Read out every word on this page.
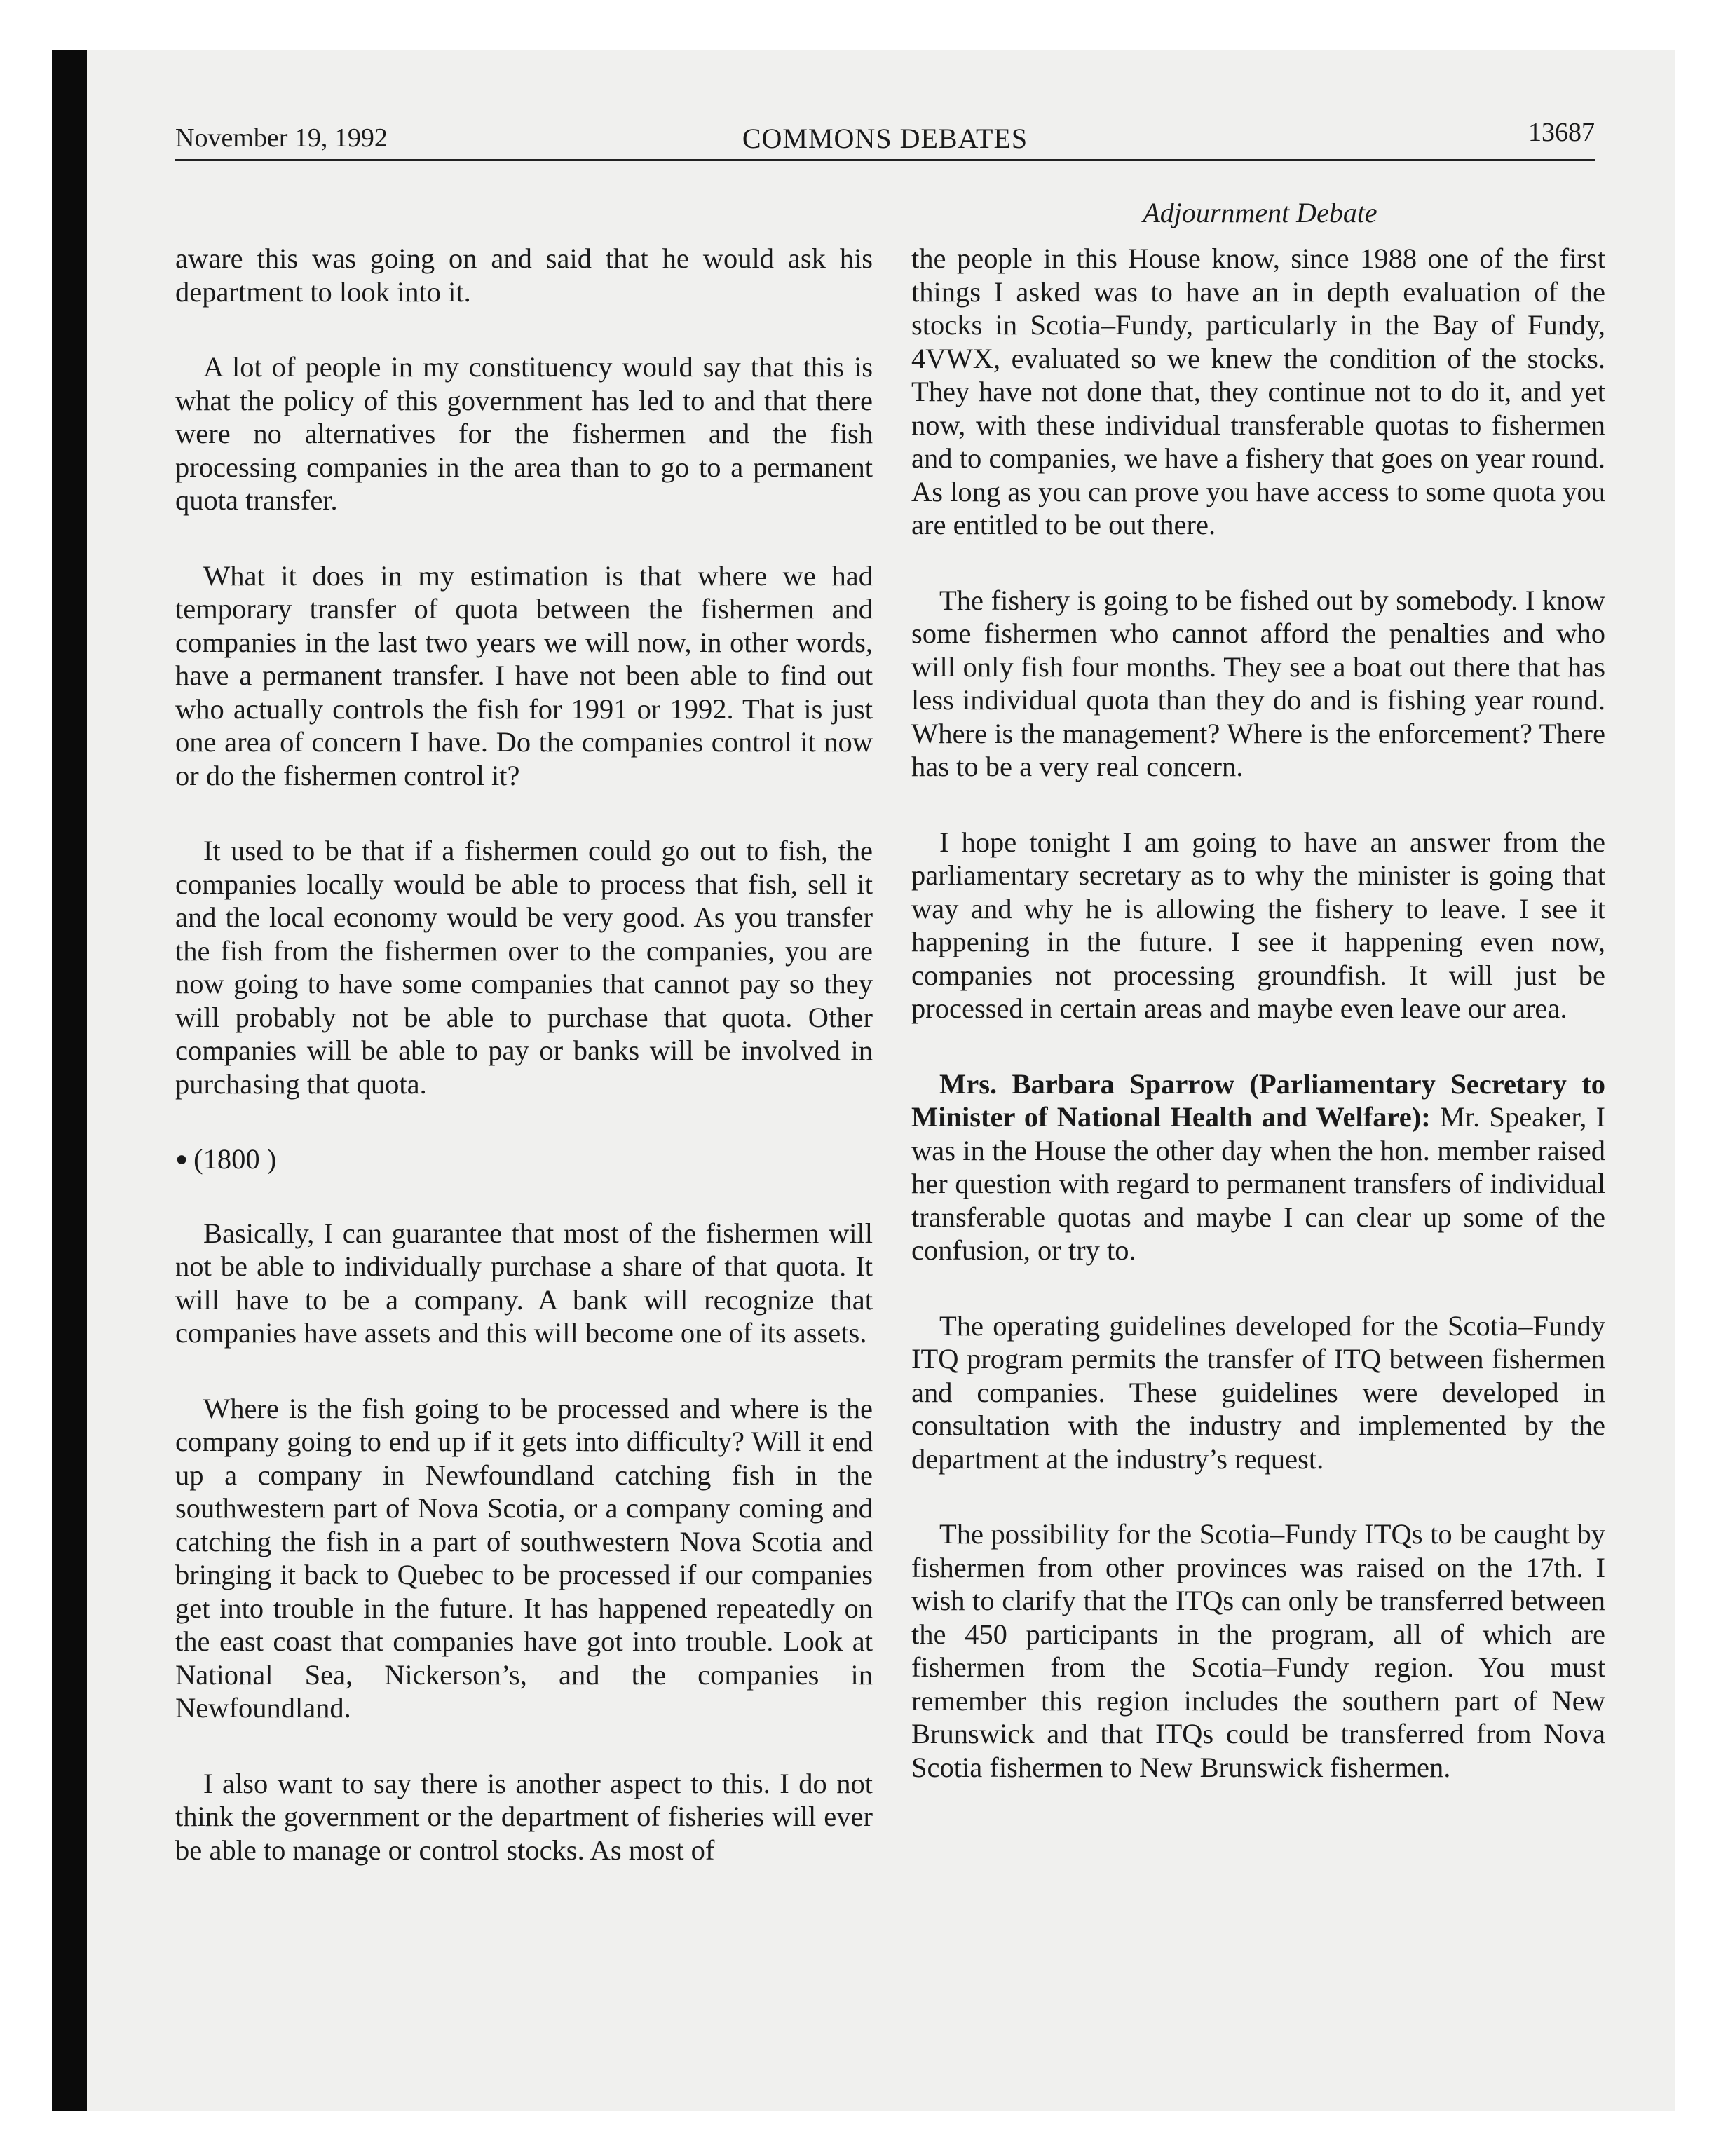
November 19, 1992	COMMONS DEBATES	13687
Adjournment Debate

aware this was going on and said that he would ask his department to look into it.

A lot of people in my constituency would say that this is what the policy of this government has led to and that there were no alternatives for the fishermen and the fish processing companies in the area than to go to a permanent quota transfer.

What it does in my estimation is that where we had temporary transfer of quota between the fishermen and companies in the last two years we will now, in other words, have a permanent transfer. I have not been able to find out who actually controls the fish for 1991 or 1992. That is just one area of concern I have. Do the companies control it now or do the fishermen control it?

It used to be that if a fishermen could go out to fish, the companies locally would be able to process that fish, sell it and the local economy would be very good. As you transfer the fish from the fishermen over to the companies, you are now going to have some companies that cannot pay so they will probably not be able to purchase that quota. Other companies will be able to pay or banks will be involved in purchasing that quota.

● (1800 )

Basically, I can guarantee that most of the fishermen will not be able to individually purchase a share of that quota. It will have to be a company. A bank will recognize that companies have assets and this will become one of its assets.

Where is the fish going to be processed and where is the company going to end up if it gets into difficulty? Will it end up a company in Newfoundland catching fish in the southwestern part of Nova Scotia, or a company coming and catching the fish in a part of southwestern Nova Scotia and bringing it back to Quebec to be processed if our companies get into trouble in the future. It has happened repeatedly on the east coast that companies have got into trouble. Look at National Sea, Nickerson’s, and the companies in Newfoundland.

I also want to say there is another aspect to this. I do not think the government or the department of fisheries will ever be able to manage or control stocks. As most of

the people in this House know, since 1988 one of the first things I asked was to have an in depth evaluation of the stocks in Scotia–Fundy, particularly in the Bay of Fundy, 4VWX, evaluated so we knew the condition of the stocks. They have not done that, they continue not to do it, and yet now, with these individual transferable quotas to fishermen and to companies, we have a fishery that goes on year round. As long as you can prove you have access to some quota you are entitled to be out there.

The fishery is going to be fished out by somebody. I know some fishermen who cannot afford the penalties and who will only fish four months. They see a boat out there that has less individual quota than they do and is fishing year round. Where is the management? Where is the enforcement? There has to be a very real concern.

I hope tonight I am going to have an answer from the parliamentary secretary as to why the minister is going that way and why he is allowing the fishery to leave. I see it happening in the future. I see it happening even now, companies not processing groundfish. It will just be processed in certain areas and maybe even leave our area.

Mrs. Barbara Sparrow (Parliamentary Secretary to Minister of National Health and Welfare): Mr. Speaker, I was in the House the other day when the hon. member raised her question with regard to permanent transfers of individual transferable quotas and maybe I can clear up some of the confusion, or try to.

The operating guidelines developed for the Scotia–Fundy ITQ program permits the transfer of ITQ between fishermen and companies. These guidelines were developed in consultation with the industry and implemented by the department at the industry’s request.

The possibility for the Scotia–Fundy ITQs to be caught by fishermen from other provinces was raised on the 17th. I wish to clarify that the ITQs can only be transferred between the 450 participants in the program, all of which are fishermen from the Scotia–Fundy region. You must remember this region includes the southern part of New Brunswick and that ITQs could be transferred from Nova Scotia fishermen to New Brunswick fishermen.
